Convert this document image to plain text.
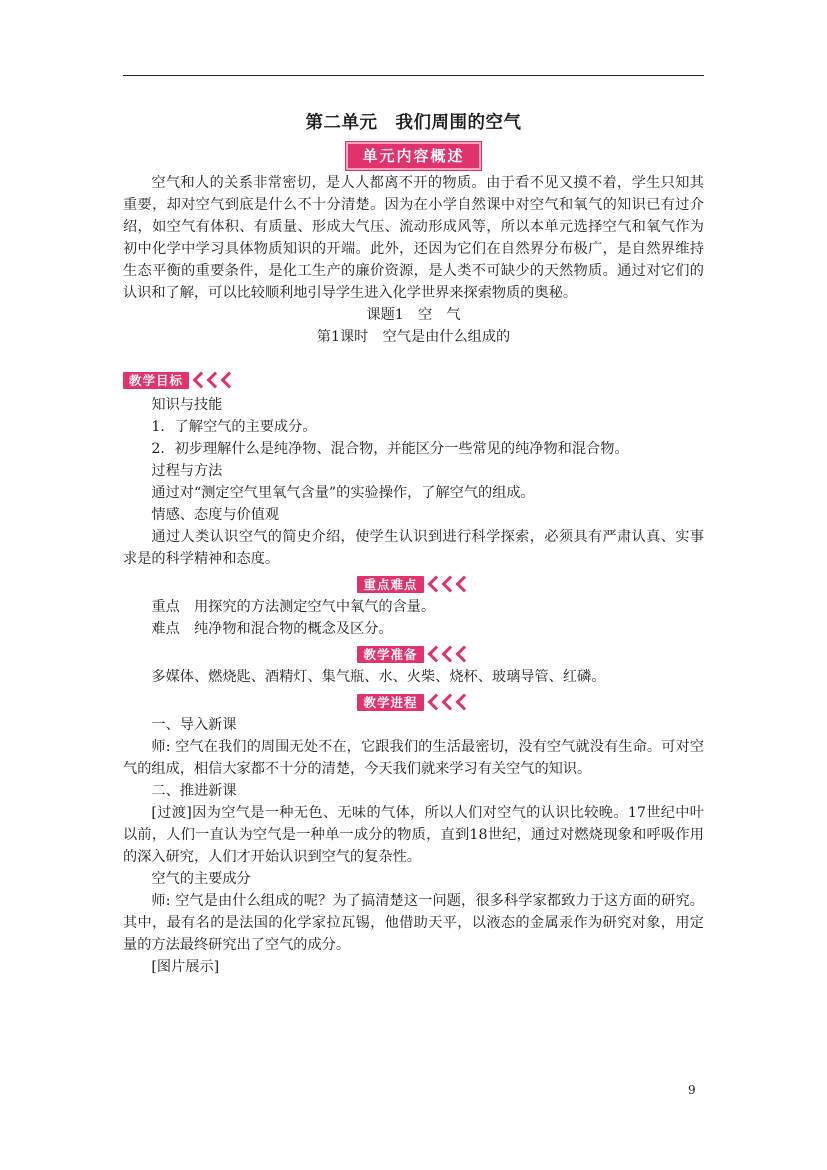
第二单元 我们周围的空气
单元内容概述

空气和人的关系非常密切，是人人都离不开的物质。由于看不见又摸不着，学生只知其重要，却对空气到底是什么不十分清楚。因为在小学自然课中对空气和氧气的知识已有过介绍，如空气有体积、有质量、形成大气压、流动形成风等，所以本单元选择空气和氧气作为初中化学中学习具体物质知识的开端。此外，还因为它们在自然界分布极广，是自然界维持生态平衡的重要条件，是化工生产的廉价资源，是人类不可缺少的天然物质。通过对它们的认识和了解，可以比较顺利地引导学生进入化学世界来探索物质的奥秘。

课题1　空　气

第1课时　空气是由什么组成的

教学目标

知识与技能

1．了解空气的主要成分。

2．初步理解什么是纯净物、混合物，并能区分一些常见的纯净物和混合物。

过程与方法

通过对“测定空气里氧气含量”的实验操作，了解空气的组成。

情感、态度与价值观

通过人类认识空气的简史介绍，使学生认识到进行科学探索，必须具有严肃认真、实事求是的科学精神和态度。

重点难点

重点　用探究的方法测定空气中氧气的含量。

难点　纯净物和混合物的概念及区分。

教学准备

多媒体、燃烧匙、酒精灯、集气瓶、水、火柴、烧杯、玻璃导管、红磷。

教学进程

一、导入新课

师: 空气在我们的周围无处不在，它跟我们的生活最密切，没有空气就没有生命。可对空气的组成，相信大家都不十分的清楚，今天我们就来学习有关空气的知识。

二、推进新课

[过渡]因为空气是一种无色、无味的气体，所以人们对空气的认识比较晚。17世纪中叶以前，人们一直认为空气是一种单一成分的物质，直到18世纪，通过对燃烧现象和呼吸作用的深入研究，人们才开始认识到空气的复杂性。

空气的主要成分

师: 空气是由什么组成的呢？为了搞清楚这一问题，很多科学家都致力于这方面的研究。其中，最有名的是法国的化学家拉瓦锡，他借助天平，以液态的金属汞作为研究对象，用定量的方法最终研究出了空气的成分。

[图片展示]

9
